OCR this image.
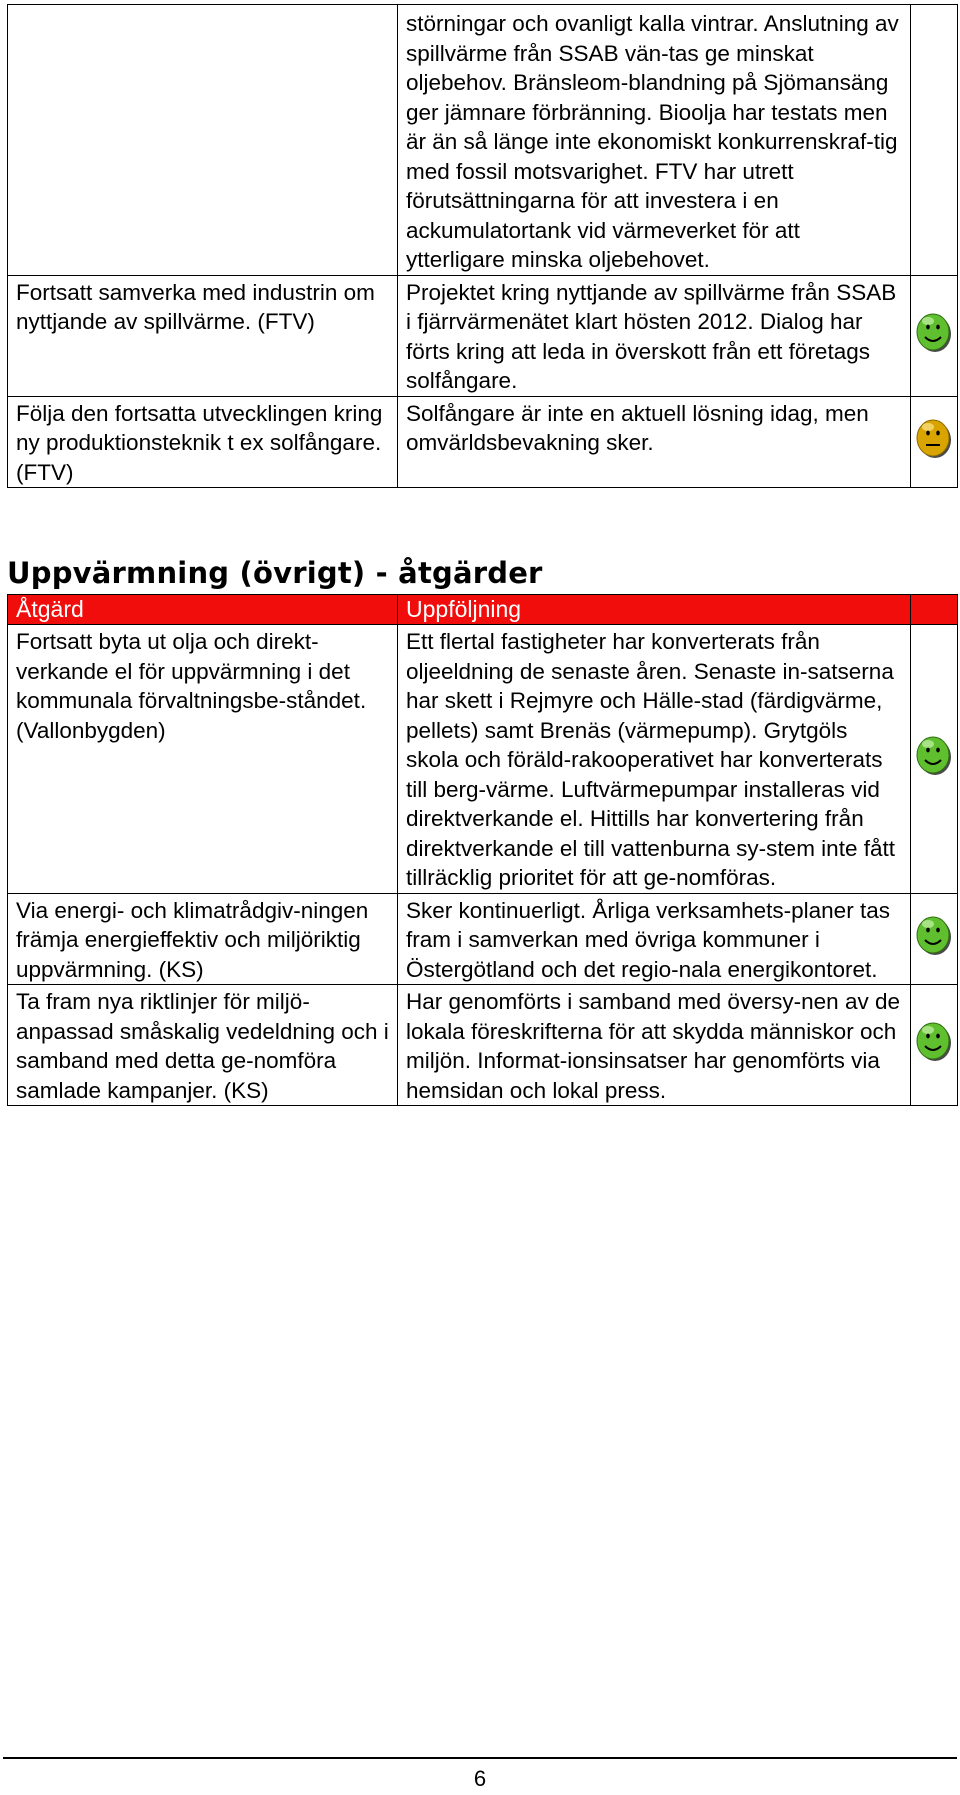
	störningar och ovanligt kalla vintrar. Anslutning av spillvärme från SSAB vän-tas ge minskat oljebehov. Bränsleom-blandning på Sjömansäng ger jämnare förbränning. Bioolja har testats men är än så länge inte ekonomiskt konkurrenskraf-tig med fossil motsvarighet. FTV har utrett förutsättningarna för att investera i en ackumulatortank vid värmeverket för att ytterligare minska oljebehovet.	

Fortsatt samverka med industrin om nyttjande av spillvärme. (FTV)	Projektet kring nyttjande av spillvärme från SSAB i fjärrvärmenätet klart hösten 2012. Dialog har förts kring att leda in överskott från ett företags solfångare.

Följa den fortsatta utvecklingen kring ny produktionsteknik t ex solfångare. (FTV)	Solfångare är inte en aktuell lösning idag, men omvärldsbevakning sker.

Uppvärmning (övrigt) - åtgärder
Åtgärd	Uppföljning	

Fortsatt byta ut olja och direkt-verkande el för uppvärmning i det kommunala förvaltningsbe-ståndet. (Vallonbygden)	Ett flertal fastigheter har konverterats från oljeeldning de senaste åren. Senaste in-satserna har skett i Rejmyre och Hälle-stad (färdigvärme, pellets) samt Brenäs (värmepump). Grytgöls skola och föräld-rakooperativet har konverterats till berg-värme. Luftvärmepumpar installeras vid direktverkande el. Hittills har konvertering från direktverkande el till vattenburna sy-stem inte fått tillräcklig prioritet för att ge-nomföras.

Via energi- och klimatrådgiv-ningen främja energieffektiv och miljöriktig uppvärmning. (KS)	Sker kontinuerligt. Årliga verksamhets-planer tas fram i samverkan med övriga kommuner i Östergötland och det regio-nala energikontoret.

Ta fram nya riktlinjer för miljö-anpassad småskalig vedeldning och i samband med detta ge-nomföra samlade kampanjer. (KS)	Har genomförts i samband med översy-nen av de lokala föreskrifterna för att skydda människor och miljön. Informat-ionsinsatser har genomförts via hemsidan och lokal press.

6
